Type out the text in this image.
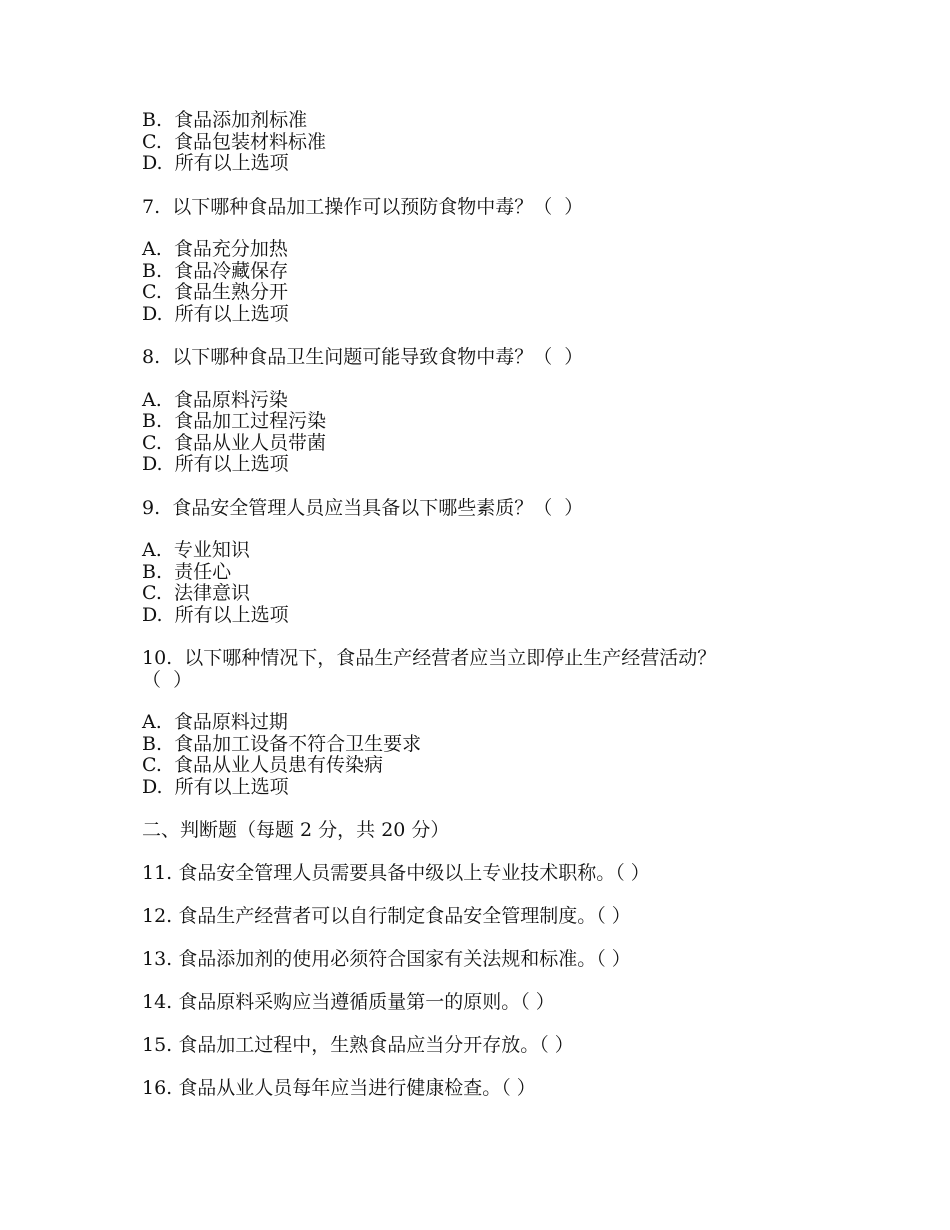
B.  食品添加剂标准
C.  食品包装材料标准
D.  所有以上选项
7.  以下哪种食品加工操作可以预防食物中毒？（  ）
A.  食品充分加热
B.  食品冷藏保存
C.  食品生熟分开
D.  所有以上选项
8.  以下哪种食品卫生问题可能导致食物中毒？（  ）
A.  食品原料污染
B.  食品加工过程污染
C.  食品从业人员带菌
D.  所有以上选项
9.  食品安全管理人员应当具备以下哪些素质？（  ）
A.  专业知识
B.  责任心
C.  法律意识
D.  所有以上选项
10.  以下哪种情况下，食品生产经营者应当立即停止生产经营活动？
（  ）
A.  食品原料过期
B.  食品加工设备不符合卫生要求
C.  食品从业人员患有传染病
D.  所有以上选项
二、判断题（每题 2 分，共 20 分）
11. 食品安全管理人员需要具备中级以上专业技术职称。（ ）
12. 食品生产经营者可以自行制定食品安全管理制度。（ ）
13. 食品添加剂的使用必须符合国家有关法规和标准。（ ）
14. 食品原料采购应当遵循质量第一的原则。（ ）
15. 食品加工过程中，生熟食品应当分开存放。（ ）
16. 食品从业人员每年应当进行健康检查。（ ）
